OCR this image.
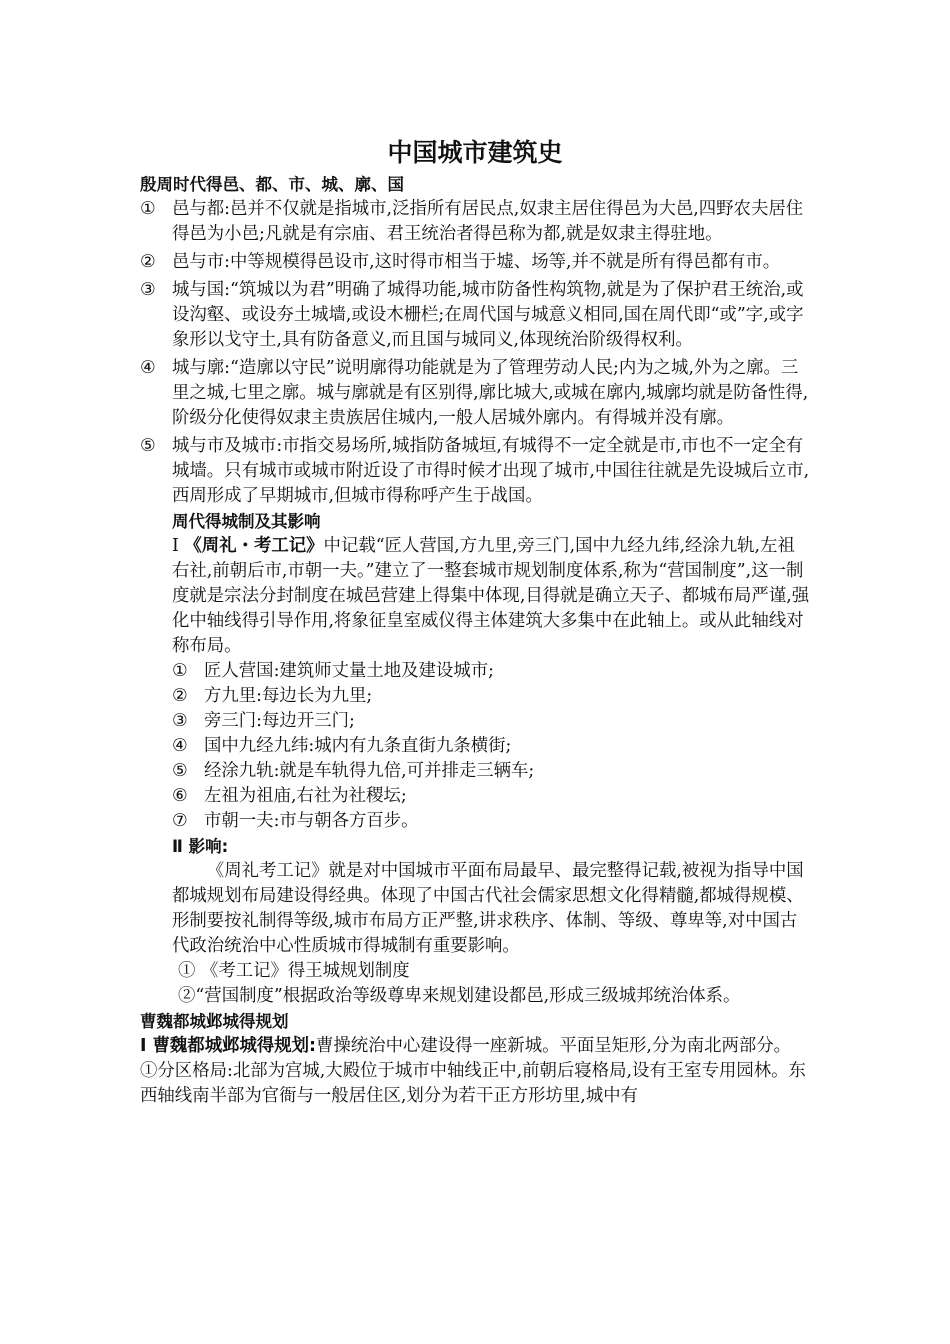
中国城市建筑史
殷周时代得邑、都、市、城、廓、国
① 邑与都:邑并不仅就是指城市,泛指所有居民点,奴隶主居住得邑为大邑,四野农夫居住得邑为小邑;凡就是有宗庙、君王统治者得邑称为都,就是奴隶主得驻地。
② 邑与市:中等规模得邑设市,这时得市相当于墟、场等,并不就是所有得邑都有市。
③ 城与国:“筑城以为君”明确了城得功能,城市防备性构筑物,就是为了保护君王统治,或设沟壑、或设夯土城墙,或设木栅栏;在周代国与城意义相同,国在周代即“或”字,或字象形以戈守土,具有防备意义,而且国与城同义,体现统治阶级得权利。
④ 城与廓:“造廓以守民”说明廓得功能就是为了管理劳动人民;内为之城,外为之廓。三里之城,七里之廓。城与廓就是有区别得,廓比城大,或城在廓内,城廓均就是防备性得,阶级分化使得奴隶主贵族居住城内,一般人居城外廓内。有得城并没有廓。
⑤ 城与市及城市:市指交易场所,城指防备城垣,有城得不一定全就是市,市也不一定全有城墙。只有城市或城市附近设了市得时候才出现了城市,中国往往就是先设城后立市,西周形成了早期城市,但城市得称呼产生于战国。
周代得城制及其影响
Ⅰ 《周礼・考工记》中记载“匠人营国,方九里,旁三门,国中九经九纬,经涂九轨,左祖右社,前朝后市,市朝一夫。”建立了一整套城市规划制度体系,称为“营国制度”,这一制度就是宗法分封制度在城邑营建上得集中体现,目得就是确立天子、都城布局严谨,强化中轴线得引导作用,将象征皇室威仪得主体建筑大多集中在此轴上。或从此轴线对称布局。
① 匠人营国:建筑师丈量土地及建设城市;
② 方九里:每边长为九里;
③ 旁三门:每边开三门;
④ 国中九经九纬:城内有九条直街九条横街;
⑤ 经涂九轨:就是车轨得九倍,可并排走三辆车;
⑥ 左祖为祖庙,右社为社稷坛;
⑦ 市朝一夫:市与朝各方百步。
Ⅱ 影响:
《周礼考工记》就是对中国城市平面布局最早、最完整得记载,被视为指导中国都城规划布局建设得经典。体现了中国古代社会儒家思想文化得精髓,都城得规模、形制要按礼制得等级,城市布局方正严整,讲求秩序、体制、等级、尊卑等,对中国古代政治统治中心性质城市得城制有重要影响。
① 《考工记》得王城规划制度
②“营国制度”根据政治等级尊卑来规划建设都邑,形成三级城邦统治体系。
曹魏都城邺城得规划
Ⅰ 曹魏都城邺城得规划:曹操统治中心建设得一座新城。平面呈矩形,分为南北两部分。
①分区格局:北部为宫城,大殿位于城市中轴线正中,前朝后寝格局,设有王室专用园林。东西轴线南半部为官衙与一般居住区,划分为若干正方形坊里,城中有
